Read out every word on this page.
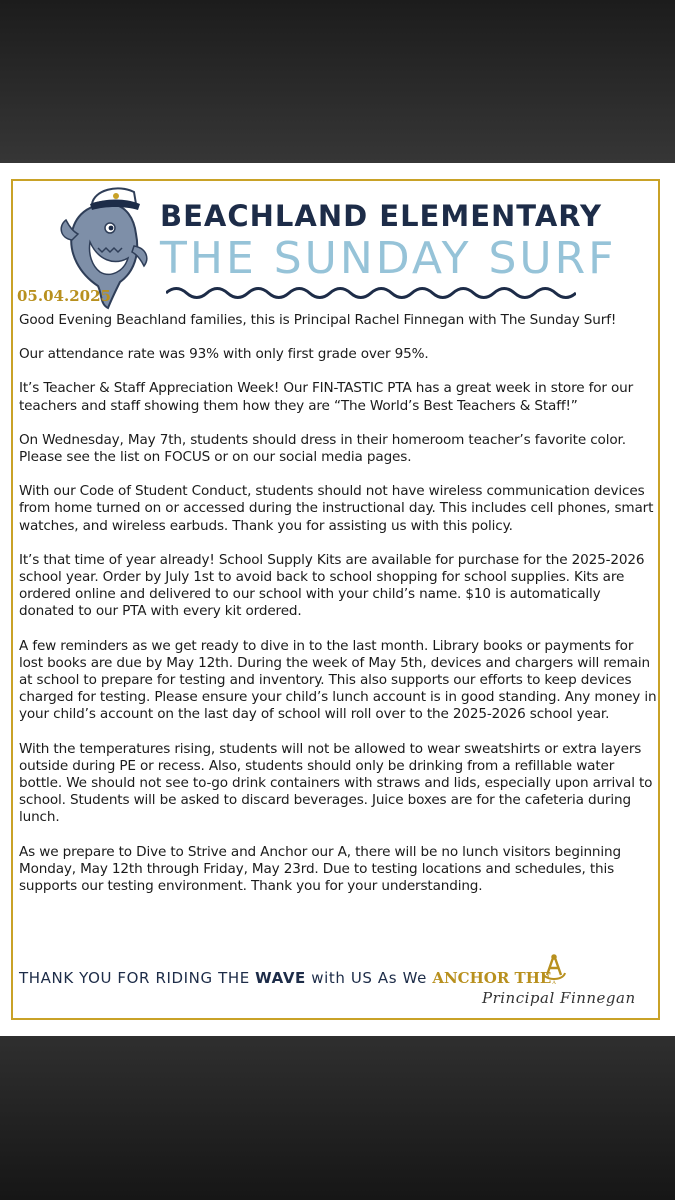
BEACHLAND ELEMENTARY
THE SUNDAY SURF
05.04.2025

Good Evening Beachland families, this is Principal Rachel Finnegan with The Sunday Surf!

Our attendance rate was 93% with only first grade over 95%.

It’s Teacher & Staff Appreciation Week! Our FIN-TASTIC PTA has a great week in store for our teachers and staff showing them how they are “The World’s Best Teachers & Staff!”

On Wednesday, May 7th, students should dress in their homeroom teacher’s favorite color. Please see the list on FOCUS or on our social media pages.

With our Code of Student Conduct, students should not have wireless communication devices from home turned on or accessed during the instructional day. This includes cell phones, smart watches, and wireless earbuds. Thank you for assisting us with this policy.

It’s that time of year already! School Supply Kits are available for purchase for the 2025-2026 school year. Order by July 1st to avoid back to school shopping for school supplies. Kits are ordered online and delivered to our school with your child’s name. $10 is automatically donated to our PTA with every kit ordered.

A few reminders as we get ready to dive in to the last month. Library books or payments for lost books are due by May 12th. During the week of May 5th, devices and chargers will remain at school to prepare for testing and inventory. This also supports our efforts to keep devices charged for testing. Please ensure your child’s lunch account is in good standing. Any money in your child’s account on the last day of school will roll over to the 2025-2026 school year.

With the temperatures rising, students will not be allowed to wear sweatshirts or extra layers outside during PE or recess. Also, students should only be drinking from a refillable water bottle. We should not see to-go drink containers with straws and lids, especially upon arrival to school. Students will be asked to discard beverages. Juice boxes are for the cafeteria during lunch.

As we prepare to Dive to Strive and Anchor our A, there will be no lunch visitors beginning Monday, May 12th through Friday, May 23rd. Due to testing locations and schedules, this supports our testing environment. Thank you for your understanding.

THANK YOU FOR RIDING THE WAVE with US As We ANCHOR THE A
Principal Finnegan
